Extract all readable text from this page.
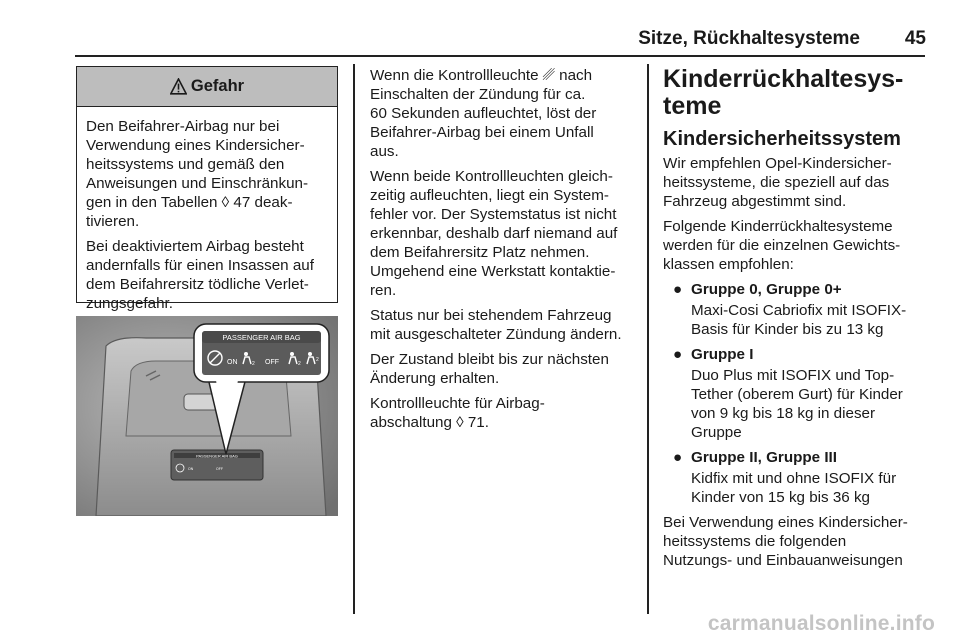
Sitze, Rückhaltesysteme	45
Gefahr

Den Beifahrer-Airbag nur bei
Verwendung eines Kindersicher-
heitssystems und gemäß den
Anweisungen und Einschränkun-
gen in den Tabellen ◊ 47 deak-
tivieren.

Bei deaktiviertem Airbag besteht
andernfalls für einen Insassen auf
dem Beifahrersitz tödliche Verlet-
zungsgefahr.

PASSENGER AIR BAG
ON	OFF
PASSENGER AIR BAG
ON	2 OFF	2
2

Wenn die Kontrollleuchte ␥ nach
Einschalten der Zündung für ca.
60 Sekunden aufleuchtet, löst der
Beifahrer-Airbag bei einem Unfall
aus.

Wenn beide Kontrollleuchten gleich-
zeitig aufleuchten, liegt ein System-
fehler vor. Der Systemstatus ist nicht
erkennbar, deshalb darf niemand auf
dem Beifahrersitz Platz nehmen.
Umgehend eine Werkstatt kontaktie-
ren.

Status nur bei stehendem Fahrzeug
mit ausgeschalteter Zündung ändern.

Der Zustand bleibt bis zur nächsten
Änderung erhalten.

Kontrollleuchte für Airbag-
abschaltung ◊ 71.

Kinderrückhaltesys-
teme
Kindersicherheitssystem

Wir empfehlen Opel-Kindersicher-
heitssysteme, die speziell auf das
Fahrzeug abgestimmt sind.

Folgende Kinderrückhaltesysteme
werden für die einzelnen Gewichts-
klassen empfohlen:

● Gruppe 0, Gruppe 0+
Maxi-Cosi Cabriofix mit ISOFIX-
Basis für Kinder bis zu 13 kg
● Gruppe I
Duo Plus mit ISOFIX und Top-
Tether (oberem Gurt) für Kinder
von 9 kg bis 18 kg in dieser
Gruppe
● Gruppe II, Gruppe III
Kidfix mit und ohne ISOFIX für
Kinder von 15 kg bis 36 kg

Bei Verwendung eines Kindersicher-
heitssystems die folgenden
Nutzungs- und Einbauanweisungen

carmanualsonline.info
